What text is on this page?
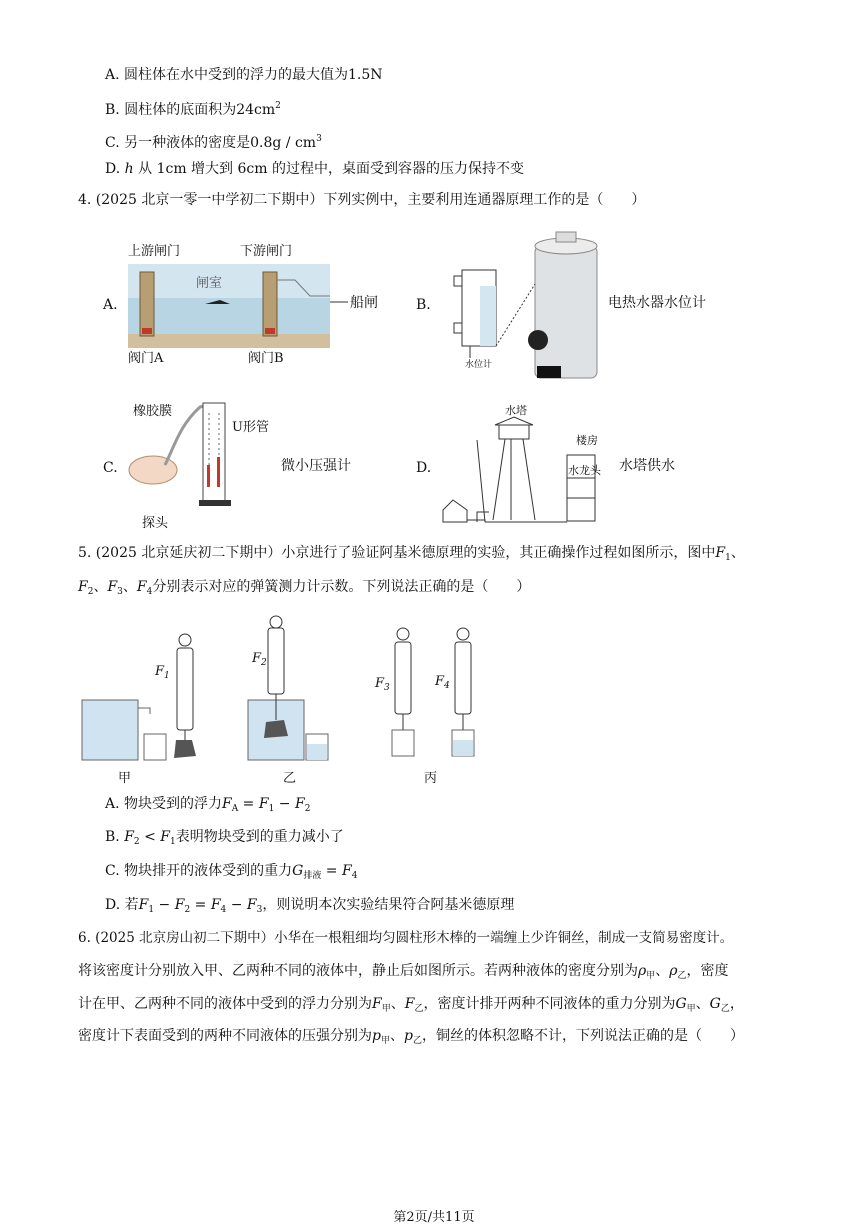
A. 圆柱体在水中受到的浮力的最大值为1.5N
B. 圆柱体的底面积为$24cm^2$
C. 另一种液体的密度是$0.8g / cm^3$
D. h 从 1cm 增大到 6cm 的过程中，桌面受到容器的压力保持不变
4. (2025 北京一零一中学初二下期中）下列实例中，主要利用连通器原理工作的是（　　）
A.
上游闸门	下游闸门
闸室
阀门A	阀门B
船闸	B.
水位计
电热水器水位计
C.
橡胶膜
U形管
探头
微小压强计	D.
水塔
楼房
水龙头 水塔供水
5. (2025 北京延庆初二下期中）小京进行了验证阿基米德原理的实验，其正确操作过程如图所示，图中$F_1$、
$F_2$、$F_3$、$F_4$分别表示对应的弹簧测力计示数。下列说法正确的是（　　）
$F_1$
$F_2$
$F_3$	$F_4$
甲	乙	丙
A. 物块受到的浮力$F_A = F_1 - F_2$
B. $F_2 < F_1$表明物块受到的重力减小了
C. 物块排开的液体受到的重力$G_{排液} = F_4$
D. 若$F_1 - F_2 = F_4 - F_3$，则说明本次实验结果符合阿基米德原理
6. (2025 北京房山初二下期中）小华在一根粗细均匀圆柱形木棒的一端缠上少许铜丝，制成一支简易密度计。
将该密度计分别放入甲、乙两种不同的液体中，静止后如图所示。若两种液体的密度分别为$\rho_甲$、$\rho_乙$，密度
计在甲、乙两种不同的液体中受到的浮力分别为$F_甲$、$F_乙$，密度计排开两种不同液体的重力分别为$G_甲$、$G_乙$，
密度计下表面受到的两种不同液体的压强分别为$p_甲$、$p_乙$，铜丝的体积忽略不计，下列说法正确的是（　　）
第2页/共11页
